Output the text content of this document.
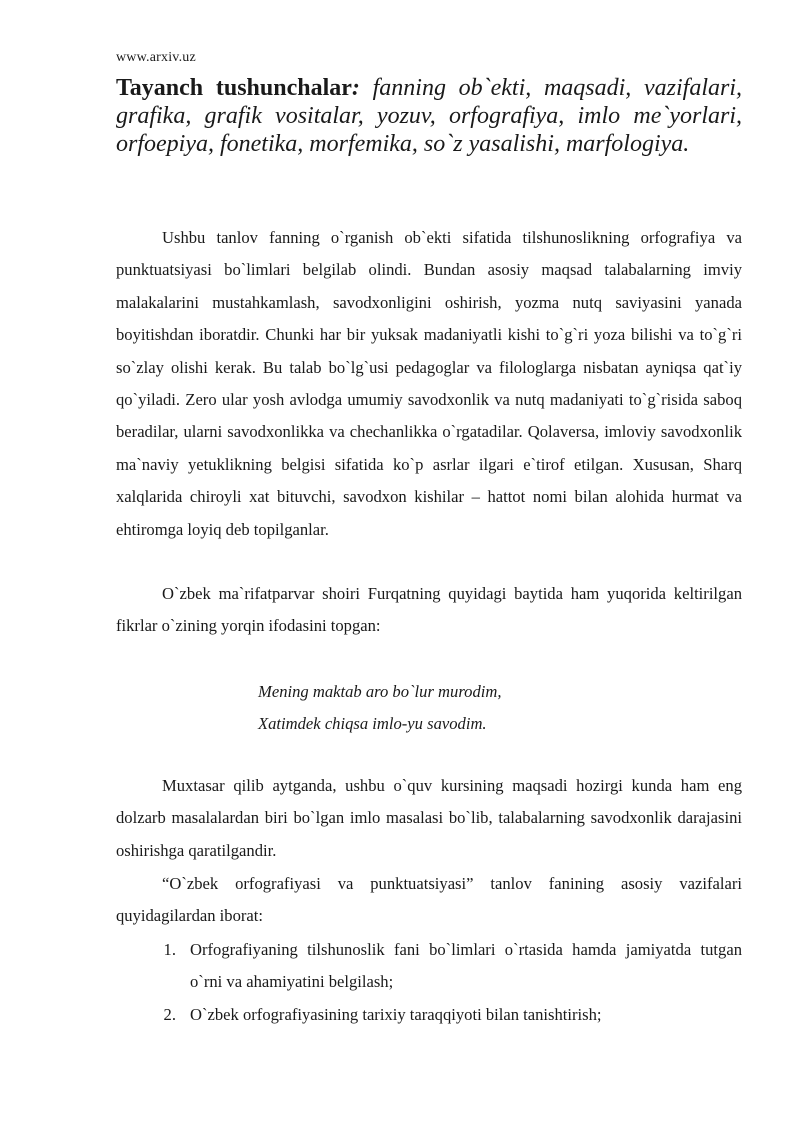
www.arxiv.uz
Tayanch tushunchalar: fanning ob`ekti, maqsadi, vazifalari, grafika, grafik vositalar, yozuv, orfografiya, imlo me`yorlari, orfoepiya, fonetika, morfemika, so`z yasalishi, marfologiya.

Ushbu tanlov fanning o`rganish ob`ekti sifatida tilshunoslikning orfografiya va punktuatsiyasi bo`limlari belgilab olindi. Bundan asosiy maqsad talabalarning imviy malakalarini mustahkamlash, savodxonligini oshirish, yozma nutq saviyasini yanada boyitishdan iboratdir. Chunki har bir yuksak madaniyatli kishi to`g`ri yoza bilishi va to`g`ri so`zlay olishi kerak. Bu talab bo`lg`usi pedagoglar va filologlarga nisbatan ayniqsa qat`iy qo`yiladi. Zero ular yosh avlodga umumiy savodxonlik va nutq madaniyati to`g`risida saboq beradilar, ularni savodxonlikka va chechanlikka o`rgatadilar. Qolaversa, imloviy savodxonlik ma`naviy yetuklikning belgisi sifatida ko`p asrlar ilgari e`tirof etilgan. Xususan, Sharq xalqlarida chiroyli xat bituvchi, savodxon kishilar – hattot nomi bilan alohida hurmat va ehtiromga loyiq deb topilganlar.

O`zbek ma`rifatparvar shoiri Furqatning quyidagi baytida ham yuqorida keltirilgan fikrlar o`zining yorqin ifodasini topgan:

Mening maktab aro bo`lur murodim,
Xatimdek chiqsa imlo-yu savodim.

Muxtasar qilib aytganda, ushbu o`quv kursining maqsadi hozirgi kunda ham eng dolzarb masalalardan biri bo`lgan imlo masalasi bo`lib, talabalarning savodxonlik darajasini oshirishga qaratilgandir.

“O`zbek orfografiyasi va punktuatsiyasi” tanlov fanining asosiy vazifalari quyidagilardan iborat:

1. Orfografiyaning tilshunoslik fani bo`limlari o`rtasida hamda jamiyatda tutgan o`rni va ahamiyatini belgilash;
2. O`zbek orfografiyasining tarixiy taraqqiyoti bilan tanishtirish;
